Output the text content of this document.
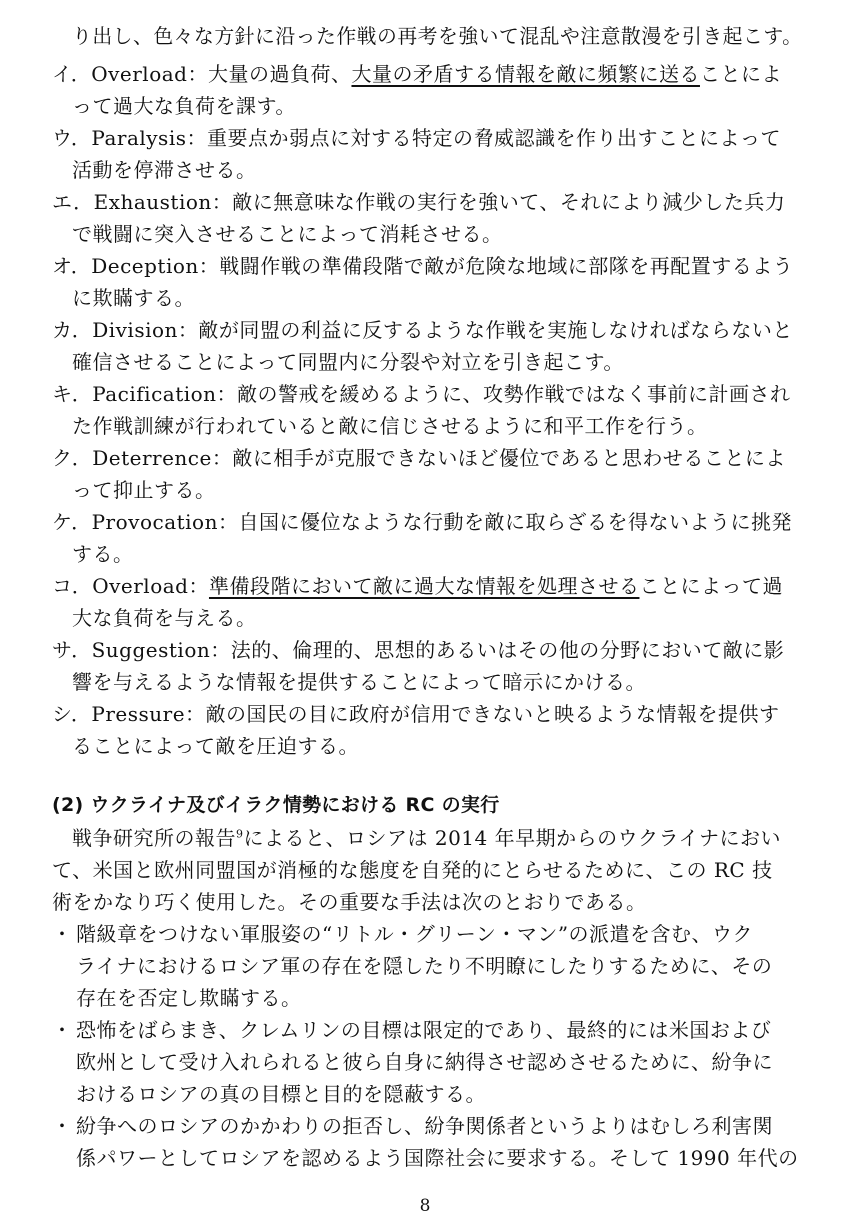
り出し、色々な方針に沿った作戦の再考を強いて混乱や注意散漫を引き起こす。
イ．Overload：大量の過負荷、大量の矛盾する情報を敵に頻繁に送ることによ
って過大な負荷を課す。
ウ．Paralysis：重要点か弱点に対する特定の脅威認識を作り出すことによって
活動を停滞させる。
エ．Exhaustion：敵に無意味な作戦の実行を強いて、それにより減少した兵力
で戦闘に突入させることによって消耗させる。
オ．Deception：戦闘作戦の準備段階で敵が危険な地域に部隊を再配置するよう
に欺瞞する。
カ．Division：敵が同盟の利益に反するような作戦を実施しなければならないと
確信させることによって同盟内に分裂や対立を引き起こす。
キ．Pacification：敵の警戒を緩めるように、攻勢作戦ではなく事前に計画され
た作戦訓練が行われていると敵に信じさせるように和平工作を行う。
ク．Deterrence：敵に相手が克服できないほど優位であると思わせることによ
って抑止する。
ケ．Provocation：自国に優位なような行動を敵に取らざるを得ないように挑発
する。
コ．Overload：準備段階において敵に過大な情報を処理させることによって過
大な負荷を与える。
サ．Suggestion：法的、倫理的、思想的あるいはその他の分野において敵に影
響を与えるような情報を提供することによって暗示にかける。
シ．Pressure：敵の国民の目に政府が信用できないと映るような情報を提供す
ることによって敵を圧迫する。
(2) ウクライナ及びイラク情勢における RC の実行
戦争研究所の報告$^9$によると、ロシアは 2014 年早期からのウクライナにおい
て、米国と欧州同盟国が消極的な態度を自発的にとらせるために、この RC 技
術をかなり巧く使用した。その重要な手法は次のとおりである。
・ 階級章をつけない軍服姿の“リトル・グリーン・マン”の派遣を含む、ウク
ライナにおけるロシア軍の存在を隠したり不明瞭にしたりするために、その
存在を否定し欺瞞する。
・ 恐怖をばらまき、クレムリンの目標は限定的であり、最終的には米国および
欧州として受け入れられると彼ら自身に納得させ認めさせるために、紛争に
おけるロシアの真の目標と目的を隠蔽する。
・ 紛争へのロシアのかかわりの拒否し、紛争関係者というよりはむしろ利害関
係パワーとしてロシアを認めるよう国際社会に要求する。そして 1990 年代の
8
